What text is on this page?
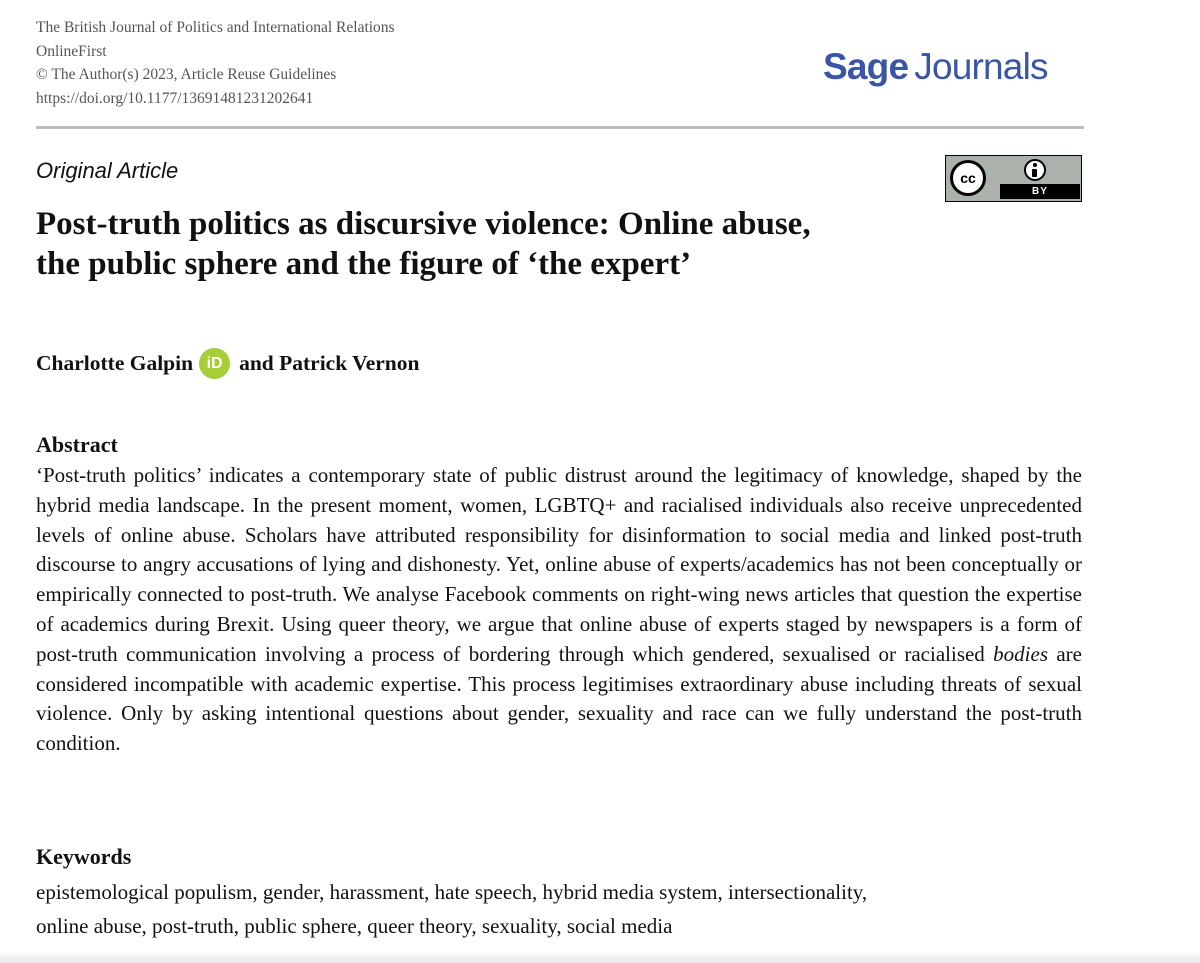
The British Journal of Politics and International Relations
OnlineFirst
© The Author(s) 2023, Article Reuse Guidelines
https://doi.org/10.1177/13691481231202641
Sage Journals
Original Article	cc
BY
Post-truth politics as discursive violence: Online abuse,
the public sphere and the figure of ‘the expert’
Charlotte Galpin iD and Patrick Vernon
Abstract
‘Post-truth politics’ indicates a contemporary state of public distrust around the legitimacy of knowledge, shaped by the hybrid media landscape. In the present moment, women, LGBTQ+ and racialised individuals also receive unprecedented levels of online abuse. Scholars have attributed responsibility for disinformation to social media and linked post-truth discourse to angry accusations of lying and dishonesty. Yet, online abuse of experts/academics has not been conceptually or empirically connected to post-truth. We analyse Facebook comments on right-wing news articles that question the expertise of academics during Brexit. Using queer theory, we argue that online abuse of experts staged by newspapers is a form of post-truth communication involving a process of bordering through which gendered, sexualised or racialised bodies are considered incompatible with academic expertise. This process legitimises extraordinary abuse including threats of sexual violence. Only by asking intentional questions about gender, sexuality and race can we fully understand the post-truth condition.
Keywords
epistemological populism, gender, harassment, hate speech, hybrid media system, intersectionality,
online abuse, post-truth, public sphere, queer theory, sexuality, social media
